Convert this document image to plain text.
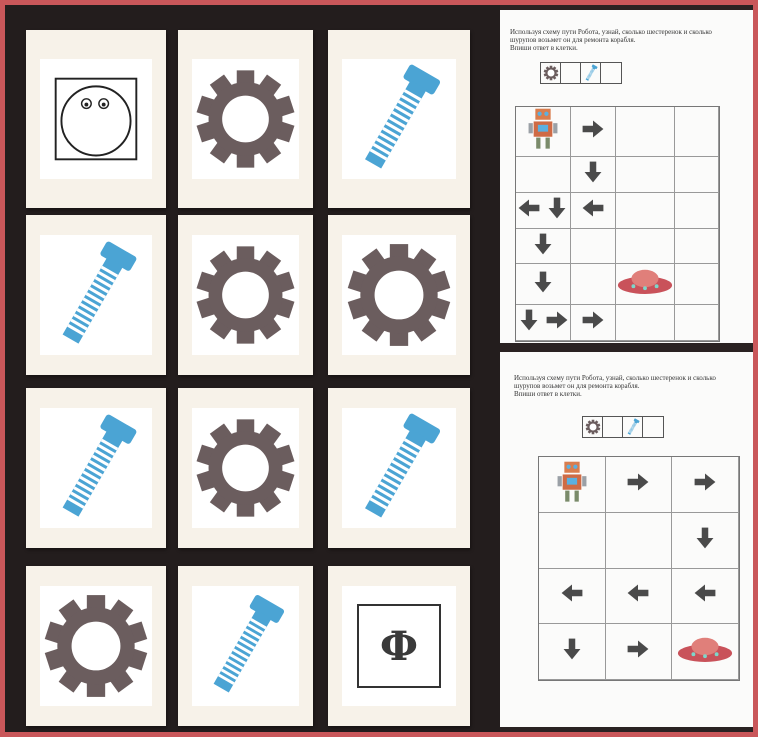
Ф
Используя схему пути Робота, узнай, сколько шестеренок и сколько
шурупов возьмет он для ремонта корабля.
Впиши ответ в клетки.
Используя схему пути Робота, узнай, сколько шестеренок и сколько
шурупов возьмет он для ремонта корабля.
Впиши ответ в клетки.
